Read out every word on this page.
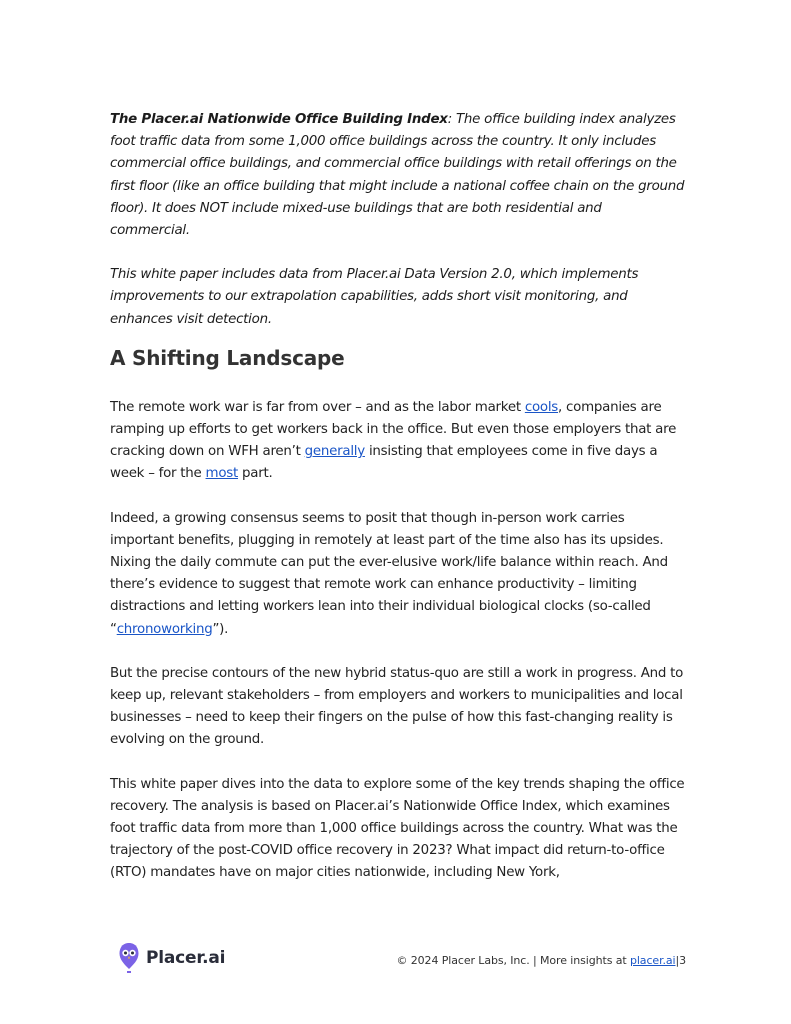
The Placer.ai Nationwide Office Building Index: The office building index analyzes foot traffic data from some 1,000 office buildings across the country. It only includes commercial office buildings, and commercial office buildings with retail offerings on the first floor (like an office building that might include a national coffee chain on the ground floor). It does NOT include mixed-use buildings that are both residential and commercial.

This white paper includes data from Placer.ai Data Version 2.0, which implements improvements to our extrapolation capabilities, adds short visit monitoring, and enhances visit detection.

A Shifting Landscape

The remote work war is far from over – and as the labor market cools, companies are ramping up efforts to get workers back in the office. But even those employers that are cracking down on WFH aren’t generally insisting that employees come in five days a week – for the most part.

Indeed, a growing consensus seems to posit that though in-person work carries important benefits, plugging in remotely at least part of the time also has its upsides. Nixing the daily commute can put the ever-elusive work/life balance within reach. And there’s evidence to suggest that remote work can enhance productivity – limiting distractions and letting workers lean into their individual biological clocks (so-called “chronoworking”).

But the precise contours of the new hybrid status-quo are still a work in progress. And to keep up, relevant stakeholders – from employers and workers to municipalities and local businesses – need to keep their fingers on the pulse of how this fast-changing reality is evolving on the ground.

This white paper dives into the data to explore some of the key trends shaping the office recovery. The analysis is based on Placer.ai’s Nationwide Office Index, which examines foot traffic data from more than 1,000 office buildings across the country. What was the trajectory of the post-COVID office recovery in 2023? What impact did return-to-office (RTO) mandates have on major cities nationwide, including New York,

Placer.ai	© 2024 Placer Labs, Inc. | More insights at placer.ai|3
